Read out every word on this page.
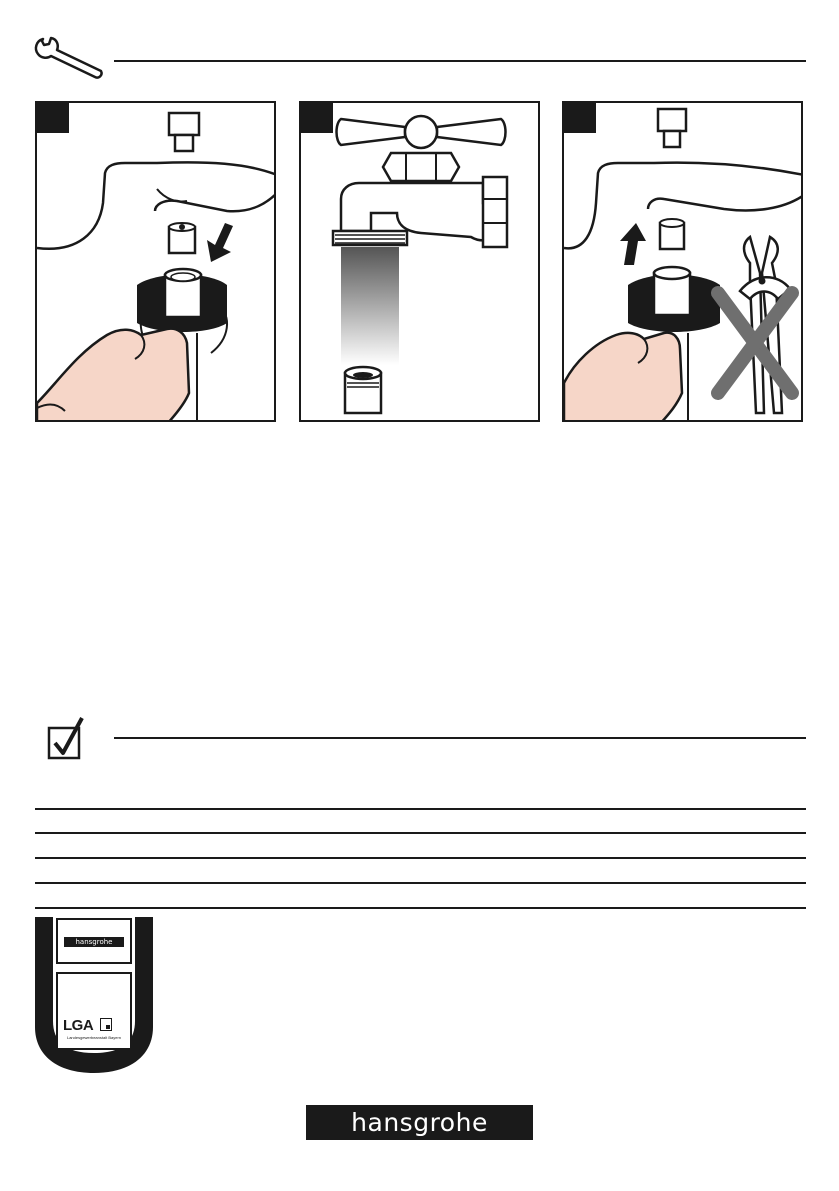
hansgrohe
LGA
Landesgewerbeanstalt Bayern
hansgrohe
